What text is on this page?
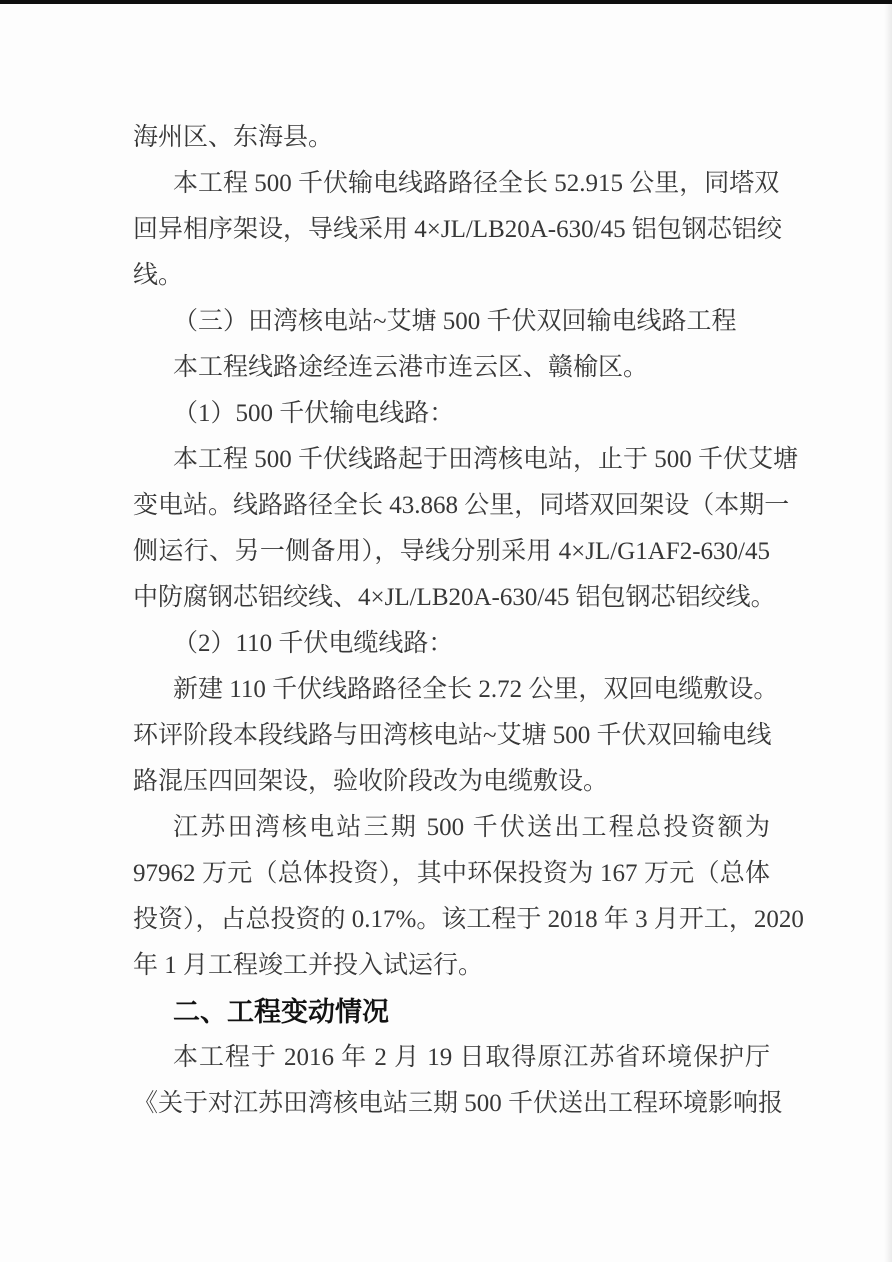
海州区、东海县。
本工程 500 千伏输电线路路径全长 52.915 公里，同塔双
回异相序架设，导线采用 4×JL/LB20A-630/45 铝包钢芯铝绞
线。
（三）田湾核电站~艾塘 500 千伏双回输电线路工程
本工程线路途经连云港市连云区、赣榆区。
（1）500 千伏输电线路：
本工程 500 千伏线路起于田湾核电站，止于 500 千伏艾塘
变电站。线路路径全长 43.868 公里，同塔双回架设（本期一
侧运行、另一侧备用），导线分别采用 4×JL/G1AF2-630/45
中防腐钢芯铝绞线、4×JL/LB20A-630/45 铝包钢芯铝绞线。
（2）110 千伏电缆线路：
新建 110 千伏线路路径全长 2.72 公里，双回电缆敷设。
环评阶段本段线路与田湾核电站~艾塘 500 千伏双回输电线
路混压四回架设，验收阶段改为电缆敷设。
江苏田湾核电站三期 500 千伏送出工程总投资额为
97962 万元（总体投资），其中环保投资为 167 万元（总体
投资），占总投资的 0.17%。该工程于 2018 年 3 月开工，2020
年 1 月工程竣工并投入试运行。
二、工程变动情况
本工程于 2016 年 2 月 19 日取得原江苏省环境保护厅
《关于对江苏田湾核电站三期 500 千伏送出工程环境影响报
